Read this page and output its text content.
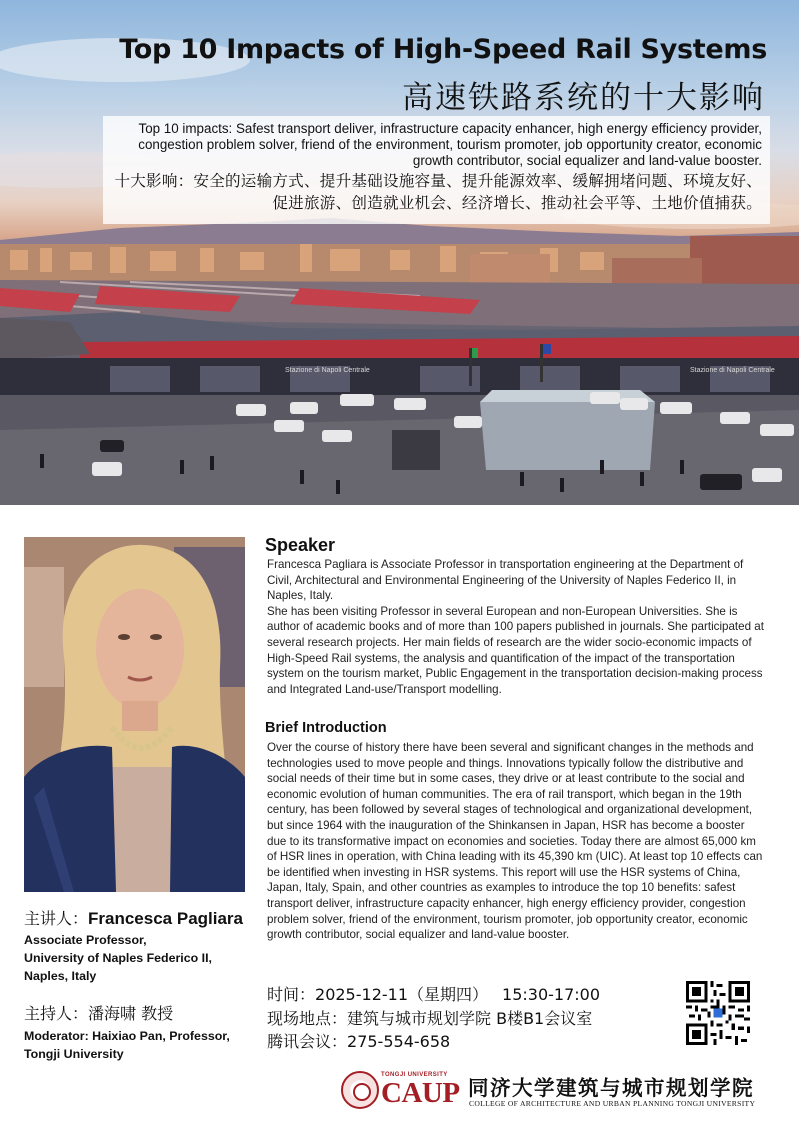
Stazione di Napoli Centrale	Stazione di Napoli Centrale
Top 10 Impacts of High-Speed Rail Systems
高速铁路系统的十大影响
Top 10 impacts: Safest transport deliver, infrastructure capacity enhancer, high energy efficiency provider, congestion problem solver, friend of the environment, tourism promoter, job opportunity creator, economic growth contributor, social equalizer and land-value booster.
十大影响：安全的运输方式、提升基础设施容量、提升能源效率、缓解拥堵问题、环境友好、促进旅游、创造就业机会、经济增长、推动社会平等、土地价值捕获。
Speaker

Francesca Pagliara is Associate Professor in transportation engineering at the Department of Civil, Architectural and Environmental Engineering of the University of Naples Federico II, in Naples, Italy.

She has been visiting Professor in several European and non-European Universities. She is author of academic books and of more than 100 papers published in journals. She participated at several research projects. Her main fields of research are the wider socio-economic impacts of High-Speed Rail systems, the analysis and quantification of the impact of the transportation system on the tourism market, Public Engagement in the transportation decision-making process and Integrated Land-use/Transport modelling.

Brief Introduction
Over the course of history there have been several and significant changes in the methods and technologies used to move people and things. Innovations typically follow the distributive and social needs of their time but in some cases, they drive or at least contribute to the social and economic evolution of human communities. The era of rail transport, which began in the 19th century, has been followed by several stages of technological and organizational development, but since 1964 with the inauguration of the Shinkansen in Japan, HSR has become a booster due to its transformative impact on economies and societies. Today there are almost 65,000 km of HSR lines in operation, with China leading with its 45,390 km (UIC). At least top 10 effects can be identified when investing in HSR systems. This report will use the HSR systems of China, Japan, Italy, Spain, and other countries as examples to introduce the top 10 benefits: safest transport deliver, infrastructure capacity enhancer, high energy efficiency provider, congestion problem solver, friend of the environment, tourism promoter, job opportunity creator, economic growth contributor, social equalizer and land-value booster.
主讲人：Francesca Pagliara
Associate Professor,
University of Naples Federico II,
Naples, Italy
主持人：潘海啸 教授
Moderator: Haixiao Pan, Professor,
Tongji University
时间：2025-12-11（星期四） 15:30-17:00
现场地点：建筑与城市规划学院 B楼B1会议室
腾讯会议：275-554-658
TONGJI UNIVERSITY
CAUP 同济大学建筑与城市规划学院
COLLEGE OF ARCHITECTURE AND URBAN PLANNING TONGJI UNIVERSITY
